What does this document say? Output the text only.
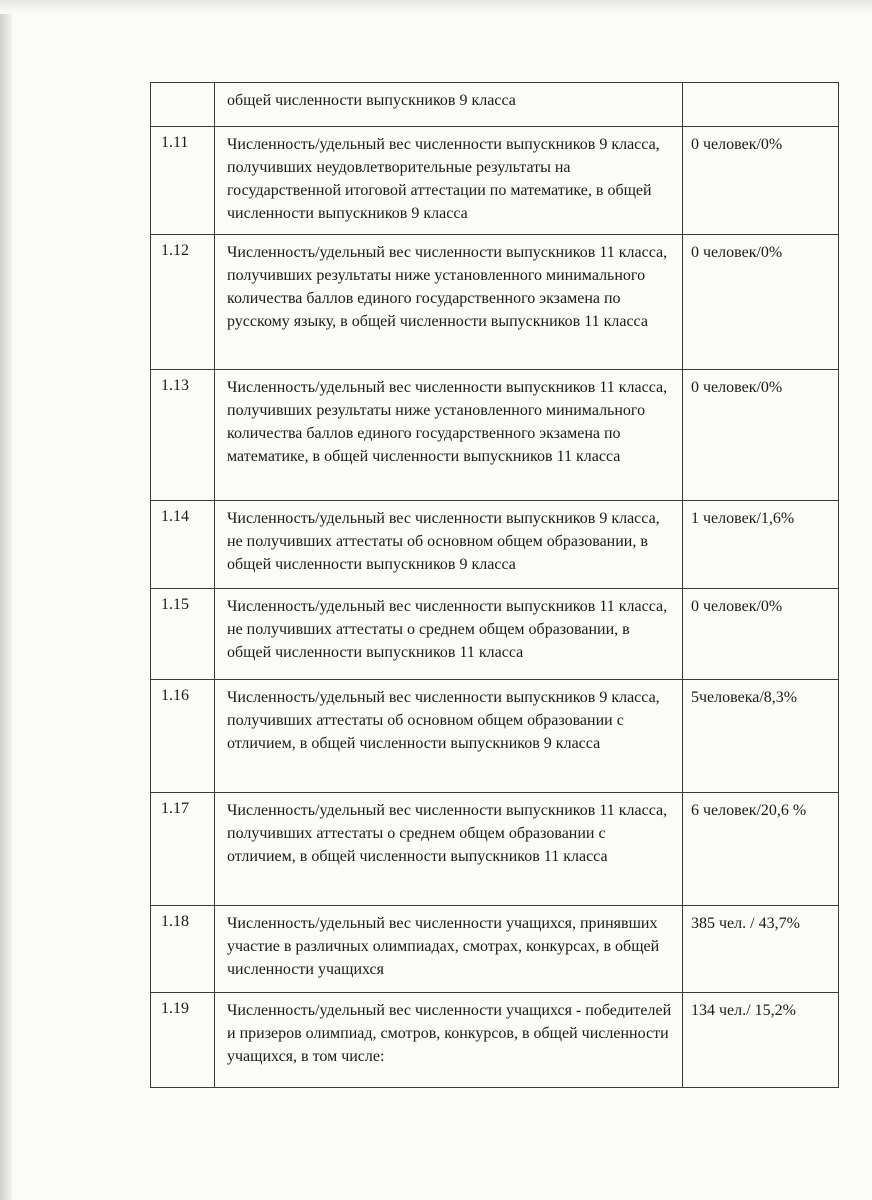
	общей численности выпускников 9 класса	
1.11	Численность/удельный вес численности выпускников 9 класса, получивших неудовлетворительные результаты на государственной итоговой аттестации по математике, в общей численности выпускников 9 класса	0 человек/0%
1.12	Численность/удельный вес численности выпускников 11 класса, получивших результаты ниже установленного минимального количества баллов единого государственного экзамена по русскому языку, в общей численности выпускников 11 класса	0 человек/0%
1.13	Численность/удельный вес численности выпускников 11 класса, получивших результаты ниже установленного минимального количества баллов единого государственного экзамена по математике, в общей численности выпускников 11 класса	0 человек/0%
1.14	Численность/удельный вес численности выпускников 9 класса, не получивших аттестаты об основном общем образовании, в общей численности выпускников 9 класса	1 человек/1,6%
1.15	Численность/удельный вес численности выпускников 11 класса, не получивших аттестаты о среднем общем образовании, в общей численности выпускников 11 класса	0 человек/0%
1.16	Численность/удельный вес численности выпускников 9 класса, получивших аттестаты об основном общем образовании с отличием, в общей численности выпускников 9 класса	5человека/8,3%
1.17	Численность/удельный вес численности выпускников 11 класса, получивших аттестаты о среднем общем образовании с отличием, в общей численности выпускников 11 класса	6 человек/20,6 %
1.18	Численность/удельный вес численности учащихся, принявших участие в различных олимпиадах, смотрах, конкурсах, в общей численности учащихся	385 чел. / 43,7%
1.19	Численность/удельный вес численности учащихся - победителей и призеров олимпиад, смотров, конкурсов, в общей численности учащихся, в том числе:	134 чел./ 15,2%
